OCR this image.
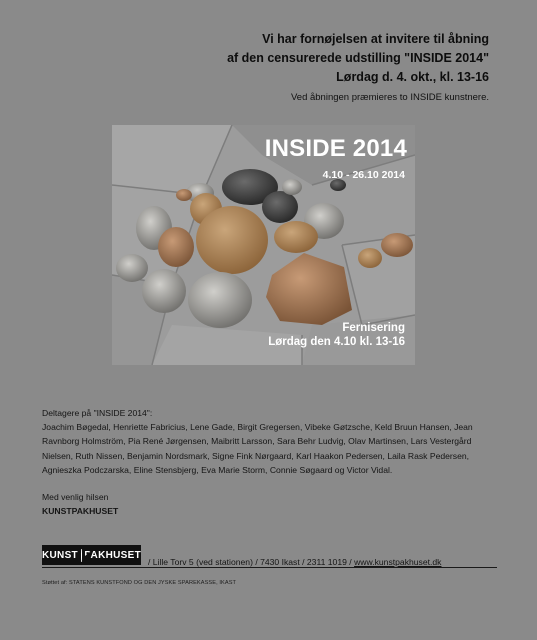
Vi har fornøjelsen at invitere til åbning
af den censurerede udstilling "INSIDE 2014"
Lørdag d. 4. okt., kl. 13-16
Ved åbningen præmieres to INSIDE kunstnere.
INSIDE 2014
4.10 - 26.10 2014
Fernisering
Lørdag den 4.10 kl. 13-16
Deltagere på "INSIDE 2014":
Joachim Bøgedal, Henriette Fabricius, Lene Gade, Birgit Gregersen, Vibeke Gøtzsche, Keld Bruun Hansen, Jean Ravnborg Holmström, Pia René Jørgensen, Maibritt Larsson, Sara Behr Ludvig, Olav Martinsen, Lars Vestergård Nielsen, Ruth Nissen, Benjamin Nordsmark, Signe Fink Nørgaard, Karl Haakon Pedersen, Laila Rask Pedersen, Agnieszka Podczarska, Eline Stensbjerg, Eva Marie Storm, Connie Søgaard og Victor Vidal.
Med venlig hilsen
KUNSTPAKHUSET
KUNST PAKHUSET
/ Lille Torv 5 (ved stationen) / 7430 Ikast / 2311 1019 / www.kunstpakhuset.dk
Støttet af: STATENS KUNSTFOND OG DEN JYSKE SPAREKASSE, IKAST
